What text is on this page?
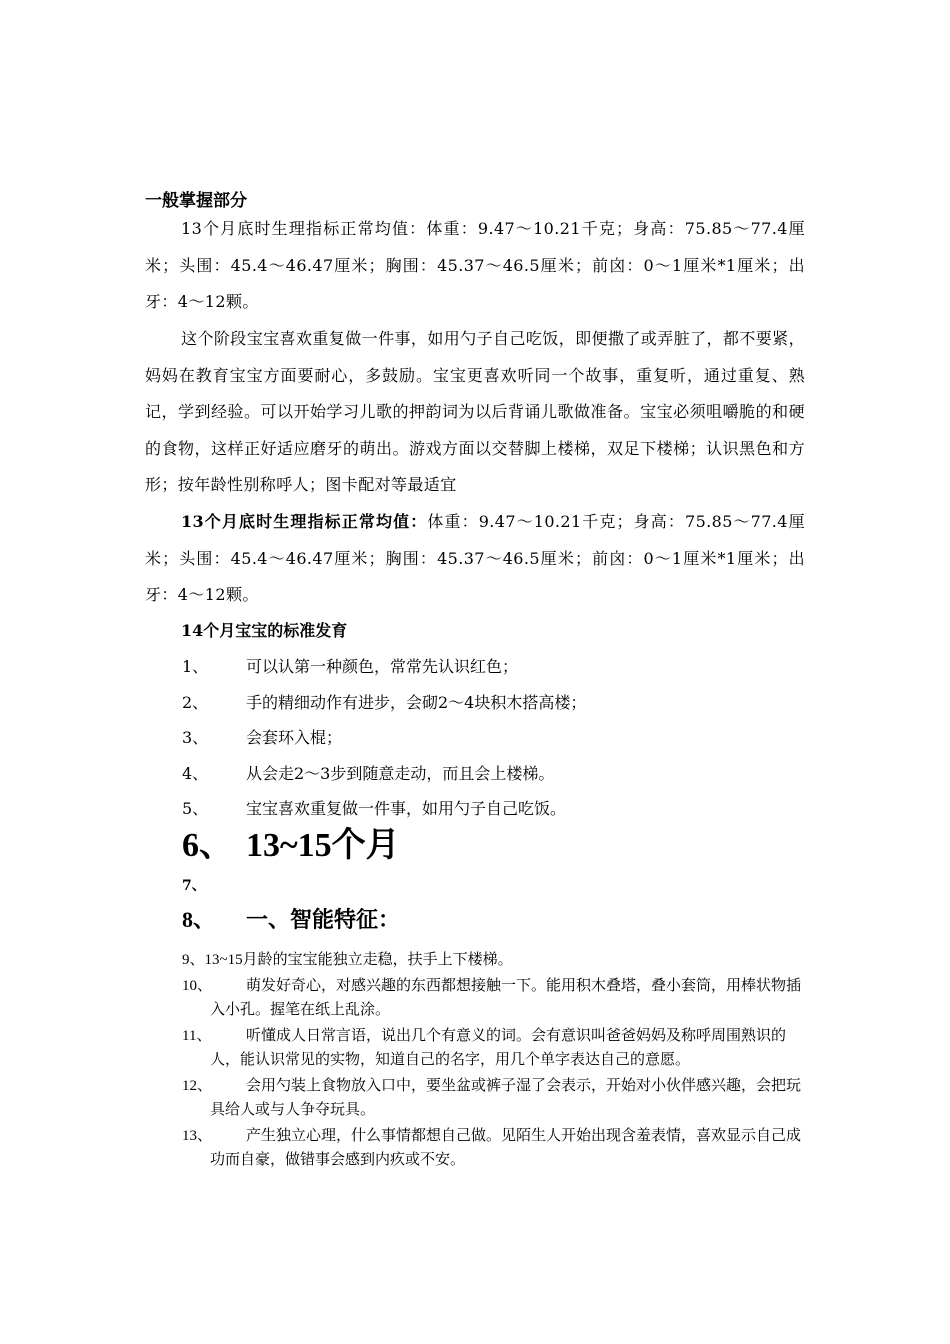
一般掌握部分
13个月底时生理指标正常均值：体重：9.47～10.21千克；身高：75.85～77.4厘米；头围：45.4～46.47厘米；胸围：45.37～46.5厘米；前囟：0～1厘米*1厘米；出牙：4～12颗。
这个阶段宝宝喜欢重复做一件事，如用勺子自己吃饭，即便撒了或弄脏了，都不要紧，妈妈在教育宝宝方面要耐心，多鼓励。宝宝更喜欢听同一个故事，重复听，通过重复、熟记，学到经验。可以开始学习儿歌的押韵词为以后背诵儿歌做准备。宝宝必须咀嚼脆的和硬的食物，这样正好适应磨牙的萌出。游戏方面以交替脚上楼梯，双足下楼梯；认识黑色和方形；按年龄性别称呼人；图卡配对等最适宜
13个月底时生理指标正常均值：体重：9.47～10.21千克；身高：75.85～77.4厘米；头围：45.4～46.47厘米；胸围：45.37～46.5厘米；前囟：0～1厘米*1厘米；出牙：4～12颗。
14个月宝宝的标准发育
1、	可以认第一种颜色，常常先认识红色；
2、	手的精细动作有进步，会砌2～4块积木搭高楼；
3、	会套环入棍；
4、	从会走2～3步到随意走动，而且会上楼梯。
5、	宝宝喜欢重复做一件事，如用勺子自己吃饭。
6、 13~15个月
7、
8、	一、智能特征：
9、13~15月龄的宝宝能独立走稳，扶手上下楼梯。
10、 萌发好奇心，对感兴趣的东西都想接触一下。能用积木叠塔，叠小套筒，用棒状物插入小孔。握笔在纸上乱涂。
11、 听懂成人日常言语，说出几个有意义的词。会有意识叫爸爸妈妈及称呼周围熟识的人，能认识常见的实物，知道自己的名字，用几个单字表达自己的意愿。
12、 会用勺装上食物放入口中，要坐盆或裤子湿了会表示，开始对小伙伴感兴趣，会把玩具给人或与人争夺玩具。
13、 产生独立心理，什么事情都想自己做。见陌生人开始出现含羞表情，喜欢显示自己成功而自豪，做错事会感到内疚或不安。
